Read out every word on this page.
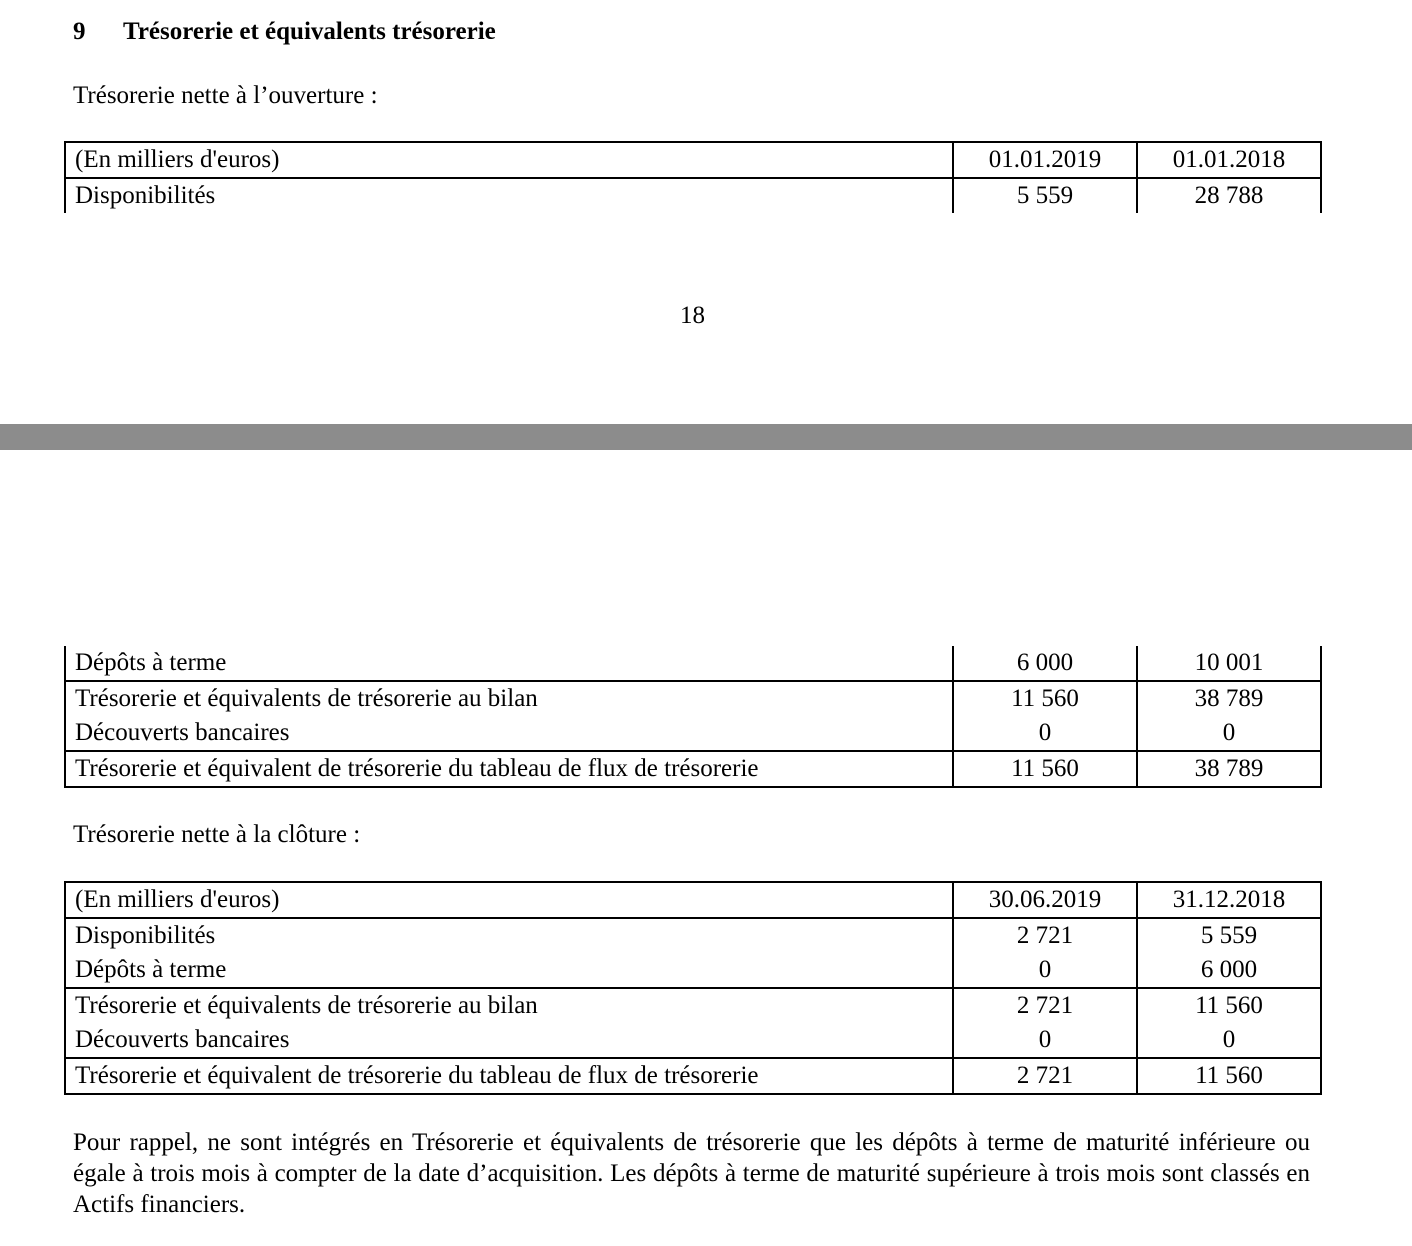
9 Trésorerie et équivalents trésorerie
Trésorerie nette à l’ouverture :
(En milliers d'euros)	01.01.2019	01.01.2018
Disponibilités	5 559	28 788
18
Dépôts à terme	6 000	10 001
Trésorerie et équivalents de trésorerie au bilan	11 560	38 789
Découverts bancaires	0	0
Trésorerie et équivalent de trésorerie du tableau de flux de trésorerie	11 560	38 789
Trésorerie nette à la clôture :
(En milliers d'euros)	30.06.2019	31.12.2018
Disponibilités	2 721	5 559
Dépôts à terme	0	6 000
Trésorerie et équivalents de trésorerie au bilan	2 721	11 560
Découverts bancaires	0	0
Trésorerie et équivalent de trésorerie du tableau de flux de trésorerie	2 721	11 560
Pour rappel, ne sont intégrés en Trésorerie et équivalents de trésorerie que les dépôts à terme de maturité inférieure ou égale à trois mois à compter de la date d’acquisition. Les dépôts à terme de maturité supérieure à trois mois sont classés en Actifs financiers.
